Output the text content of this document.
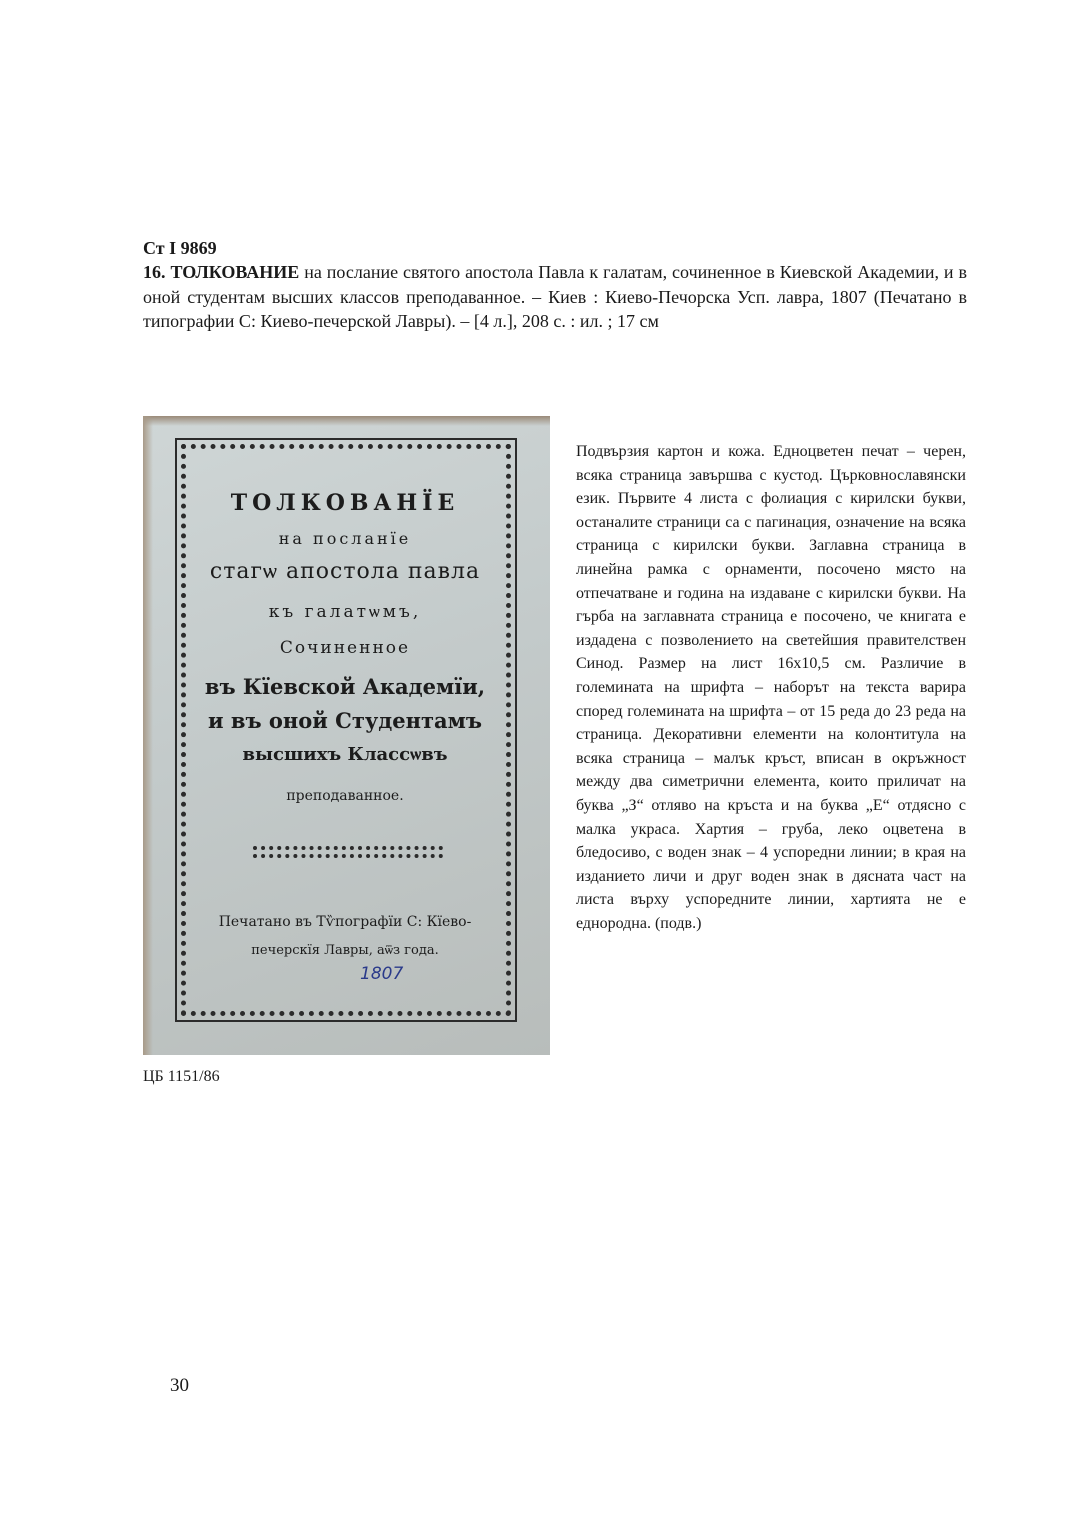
Ст I 9869
16. ТОЛКОВАНИЕ на послание святого апостола Павла к галатам, сочиненное в Киевской Академии, и в оной студентам высших классов преподаванное. – Киев : Киево-Печорска Усп. лавра, 1807 (Печатано в типографии С: Киево-печерской Лавры). – [4 л.], 208 с. : ил. ; 17 см
ТОЛКОВАНЇЕ
на посланїе
стагѡ апостола павла
къ галатѡмъ,
Сочиненное
въ Кїевской Академїи,
и въ оной Студентамъ
высшихъ Классѡвъ
преподаванное.
Печатано въ Тѷпографїи С: Кїево-
печерскїя Лавры, аѿз года.
1807
ЦБ 1151/86
Подвързия картон и кожа. Едноцветен печат – черен, всяка страница завършва с кустод. Църковнославянски език. Първите 4 листа с фолиация с кирилски букви, останалите страници са с пагинация, означение на всяка страница с кирилски букви. Заглавна страница в линейна рамка с орнаменти, посочено място на отпечатване и година на издаване с кирилски букви. На гърба на заглавната страница е посочено, че книгата е издадена с позволението на светейшия правителствен Синод. Размер на лист 16х10,5 см. Различие в големината на шрифта – наборът на текста варира според големината на шрифта – от 15 реда до 23 реда на страница. Декоративни елементи на колонтитула на всяка страница – малък кръст, вписан в окръжност между два симетрични елемента, които приличат на буква „З“ отляво на кръста и на буква „Е“ отдясно с малка украса. Хартия – груба, леко оцветена в бледосиво, с воден знак – 4 успоредни линии; в края на изданието личи и друг воден знак в дясната част на листа върху успоредните линии, хартията не е еднородна. (подв.)
30
